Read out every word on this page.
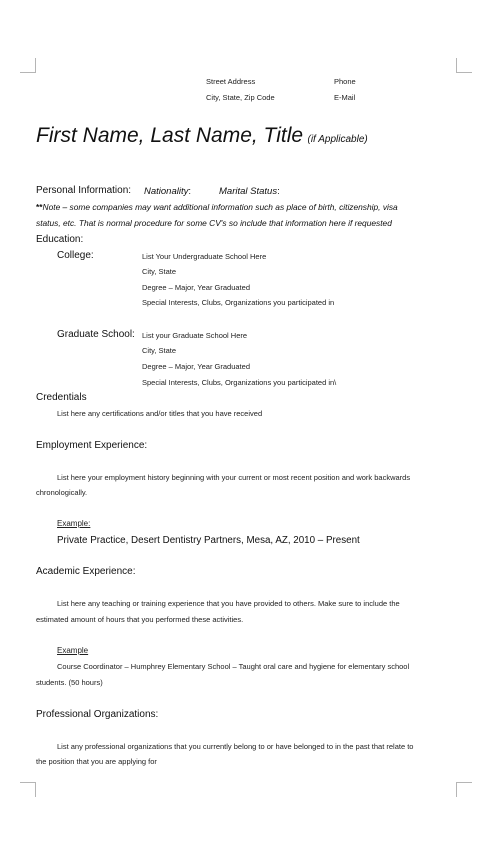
Street Address	Phone
City, State, Zip Code	E-Mail
First Name, Last Name, Title (if Applicable)
Personal Information: Nationality:	Marital Status:
**Note – some companies may want additional information such as place of birth, citizenship, visa
status, etc. That is normal procedure for some CV's so include that information here if requested
Education:
College:	List Your Undergraduate School Here
City, State
Degree – Major, Year Graduated
Special Interests, Clubs, Organizations you participated in
Graduate School: List your Graduate School Here
City, State
Degree – Major, Year Graduated
Special Interests, Clubs, Organizations you participated in\
Credentials
List here any certifications and/or titles that you have received
Employment Experience:
List here your employment history beginning with your current or most recent position and work backwards
chronologically.
Example:
Private Practice, Desert Dentistry Partners, Mesa, AZ, 2010 – Present
Academic Experience:
List here any teaching or training experience that you have provided to others. Make sure to include the
estimated amount of hours that you performed these activities.
Example
Course Coordinator – Humphrey Elementary School – Taught oral care and hygiene for elementary school
students. (50 hours)
Professional Organizations:
List any professional organizations that you currently belong to or have belonged to in the past that relate to
the position that you are applying for
